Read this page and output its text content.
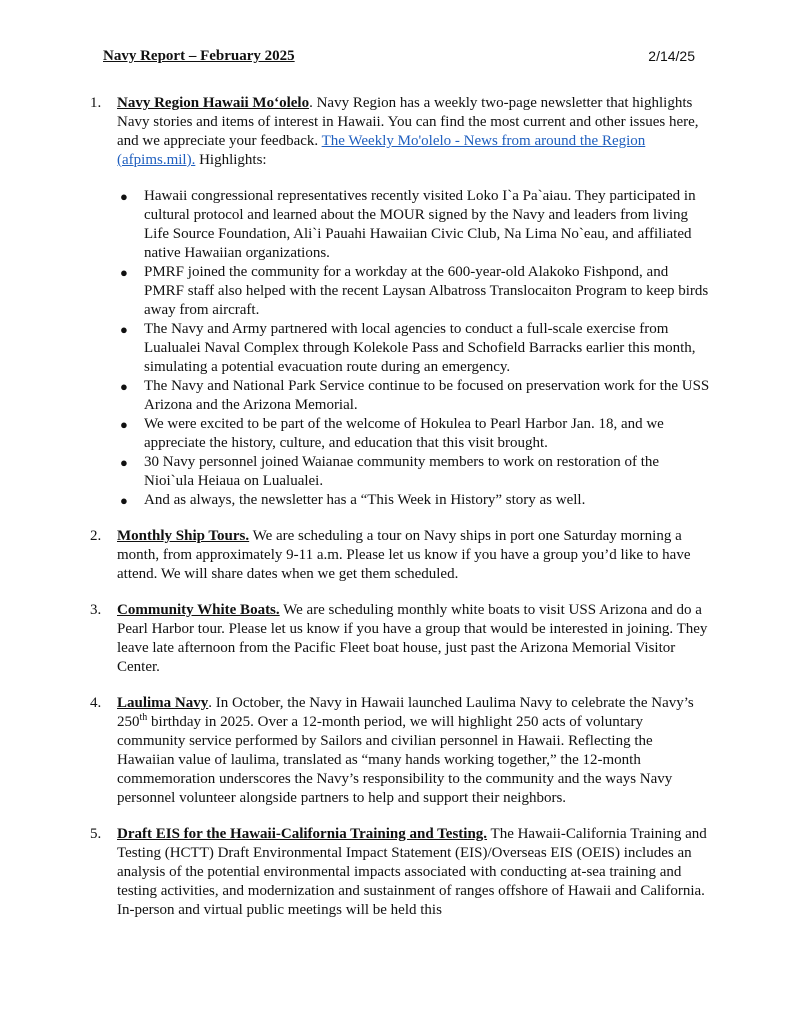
Navy Report – February 2025	2/14/25
1. Navy Region Hawaii Mo‘olelo. Navy Region has a weekly two-page newsletter that highlights Navy stories and items of interest in Hawaii. You can find the most current and other issues here, and we appreciate your feedback. The Weekly Mo'olelo - News from around the Region (afpims.mil). Highlights:
● Hawaii congressional representatives recently visited Loko I`a Pa`aiau. They participated in cultural protocol and learned about the MOUR signed by the Navy and leaders from living Life Source Foundation, Ali`i Pauahi Hawaiian Civic Club, Na Lima No`eau, and affiliated native Hawaiian organizations.
● PMRF joined the community for a workday at the 600-year-old Alakoko Fishpond, and PMRF staff also helped with the recent Laysan Albatross Translocaiton Program to keep birds away from aircraft.
● The Navy and Army partnered with local agencies to conduct a full-scale exercise from Lualualei Naval Complex through Kolekole Pass and Schofield Barracks earlier this month, simulating a potential evacuation route during an emergency.
● The Navy and National Park Service continue to be focused on preservation work for the USS Arizona and the Arizona Memorial.
● We were excited to be part of the welcome of Hokulea to Pearl Harbor Jan. 18, and we appreciate the history, culture, and education that this visit brought.
● 30 Navy personnel joined Waianae community members to work on restoration of the Nioi`ula Heiaua on Lualualei.
● And as always, the newsletter has a “This Week in History” story as well.
2. Monthly Ship Tours. We are scheduling a tour on Navy ships in port one Saturday morning a month, from approximately 9-11 a.m. Please let us know if you have a group you’d like to have attend. We will share dates when we get them scheduled.
3. Community White Boats. We are scheduling monthly white boats to visit USS Arizona and do a Pearl Harbor tour. Please let us know if you have a group that would be interested in joining. They leave late afternoon from the Pacific Fleet boat house, just past the Arizona Memorial Visitor Center.
4. Laulima Navy. In October, the Navy in Hawaii launched Laulima Navy to celebrate the Navy’s 250th birthday in 2025. Over a 12-month period, we will highlight 250 acts of voluntary community service performed by Sailors and civilian personnel in Hawaii. Reflecting the Hawaiian value of laulima, translated as “many hands working together,” the 12-month commemoration underscores the Navy’s responsibility to the community and the ways Navy personnel volunteer alongside partners to help and support their neighbors.
5. Draft EIS for the Hawaii-California Training and Testing. The Hawaii-California Training and Testing (HCTT) Draft Environmental Impact Statement (EIS)/Overseas EIS (OEIS) includes an analysis of the potential environmental impacts associated with conducting at-sea training and testing activities, and modernization and sustainment of ranges offshore of Hawaii and California. In-person and virtual public meetings will be held this
